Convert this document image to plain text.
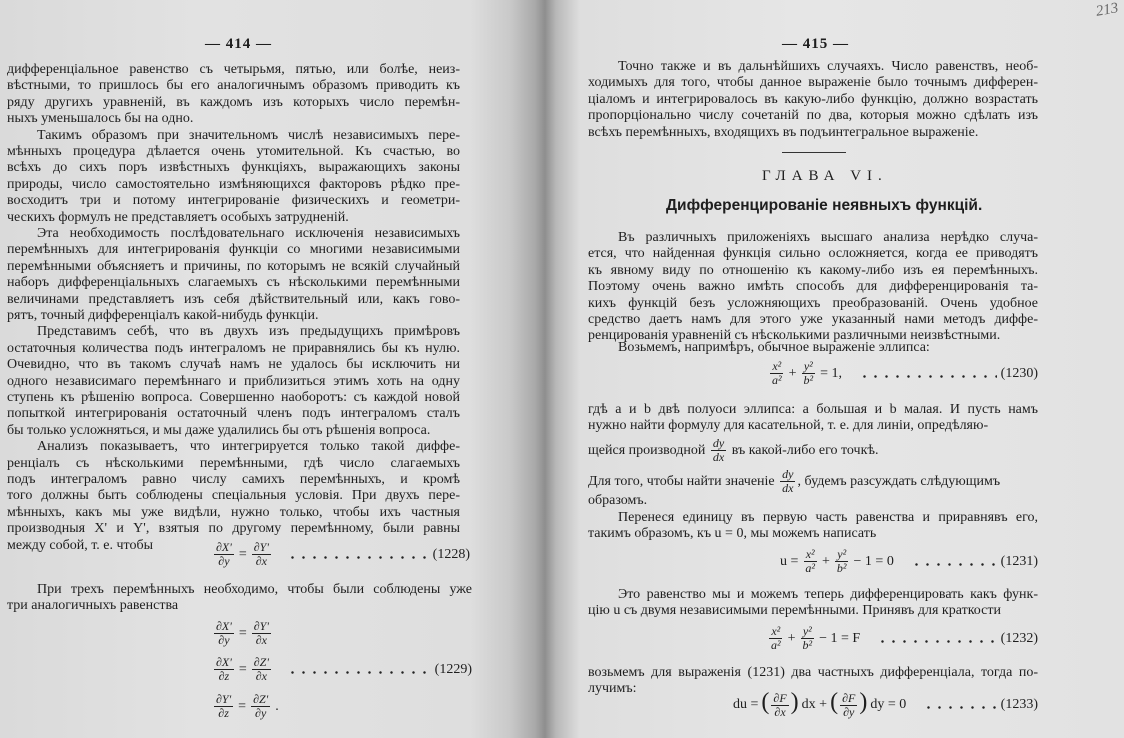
— 414 —
дифференціальное равенство съ четырьмя, пятью, или болѣе, неиз-
вѣстными, то пришлось бы его аналогичнымъ образомъ приводить къ
ряду другихъ уравненій, въ каждомъ изъ которыхъ число перемѣн-
ныхъ уменьшалось бы на одно.
Такимъ образомъ при значительномъ числѣ независимыхъ пере-
мѣнныхъ процедура дѣлается очень утомительной. Къ счастью, во
всѣхъ до сихъ поръ извѣстныхъ функціяхъ, выражающихъ законы
природы, число самостоятельно измѣняющихся факторовъ рѣдко пре-
восходитъ три и потому интегрированіе физическихъ и геометри-
ческихъ формулъ не представляетъ особыхъ затрудненій.
Эта необходимость послѣдовательнаго исключенія независимыхъ
перемѣнныхъ для интегрированія функціи со многими независимыми
перемѣнными объясняетъ и причины, по которымъ не всякій случайный
наборъ дифференціальныхъ слагаемыхъ съ нѣсколькими перемѣнными
величинами представляетъ изъ себя дѣйствительный или, какъ гово-
рятъ, точный дифференціалъ какой-нибудь функціи.
Представимъ себѣ, что въ двухъ изъ предыдущихъ примѣровъ
остаточныя количества подъ интеграломъ не приравнялись бы къ нулю.
Очевидно, что въ такомъ случаѣ намъ не удалось бы исключить ни
одного независимаго перемѣннаго и приблизиться этимъ хоть на одну
ступень къ рѣшенію вопроса. Совершенно наоборотъ: съ каждой новой
попыткой интегрированія остаточный членъ подъ интеграломъ сталъ
бы только усложняться, и мы даже удалились бы отъ рѣшенія вопроса.
Анализъ показываетъ, что интегрируется только такой диффе-
ренціалъ съ нѣсколькими перемѣнными, гдѣ число слагаемыхъ
подъ интеграломъ равно числу самихъ перемѣнныхъ, и кромѣ
того должны быть соблюдены спеціальныя условія. При двухъ пере-
мѣнныхъ, какъ мы уже видѣли, нужно только, чтобы ихъ частныя
производныя X' и Y', взятыя по другому перемѣнному, были равны
между собой, т. е. чтобы	$\frac{\partial X'}{\partial y} = \frac{\partial Y'}{\partial x}$	(1228)
При трехъ перемѣнныхъ необходимо, чтобы были соблюдены уже
три аналогичныхъ равенства
$\frac{\partial X'}{\partial y} = \frac{\partial Y'}{\partial x}$
$\frac{\partial X'}{\partial z} = \frac{\partial Z'}{\partial x}$	(1229)
$\frac{\partial Y'}{\partial z} = \frac{\partial Z'}{\partial y}$ .
213
— 415 —
Точно также и въ дальнѣйшихъ случаяхъ. Число равенствъ, необ-
ходимыхъ для того, чтобы данное выраженіе было точнымъ дифферен-
ціаломъ и интегрировалось въ какую-либо функцію, должно возрастать
пропорціонально числу сочетаній по два, которыя можно сдѣлать изъ
всѣхъ перемѣнныхъ, входящихъ въ подъинтегральное выраженіе.
ГЛАВА VI.
Дифференцированіе неявныхъ функцій.
Въ различныхъ приложеніяхъ высшаго анализа нерѣдко случа-
ется, что найденная функція сильно осложняется, когда ее приводятъ
къ явному виду по отношенію къ какому-либо изъ ея перемѣнныхъ.
Поэтому очень важно имѣть способъ для дифференцированія та-
кихъ функцій безъ усложняющихъ преобразованій. Очень удобное
средство даетъ намъ для этого уже указанный нами методъ диффе-
ренцированія уравненій съ нѣсколькими различными неизвѣстными.
Возьмемъ, напримѣръ, обычное выраженіе эллипса:
$\frac{\text{x²}}{\text{a²}} + \frac{\text{y²}}{\text{b²}} = 1$,	(1230)
гдѣ a и b двѣ полуоси эллипса: a большая и b малая. И пусть намъ
нужно найти формулу для касательной, т. е. для линіи, опредѣляю-
щейся производной $\frac{dy}{dx}$ въ какой-либо его точкѣ.
Для того, чтобы найти значеніе $\frac{dy}{dx}$ , будемъ разсуждать слѣдующимъ
образомъ.
Перенеся единицу въ первую часть равенства и приравнявъ его,
такимъ образомъ, къ u = 0, мы можемъ написать
$u = \frac{\text{x²}}{\text{a²}} + \frac{\text{y²}}{\text{b²}} - 1 = 0$	(1231)
Это равенство мы и можемъ теперь дифференцировать какъ функ-
цію u съ двумя независимыми перемѣнными. Принявъ для краткости
$\frac{\text{x²}}{\text{a²}} + \frac{\text{y²}}{\text{b²}} - 1 = F$	(1232)
возьмемъ для выраженія (1231) два частныхъ дифференціала, тогда по-
лучимъ:
du = ( $\frac{\partial F}{\partial x}$ ) dx + ( $\frac{\partial F}{\partial y}$ ) dy = 0	(1233)
